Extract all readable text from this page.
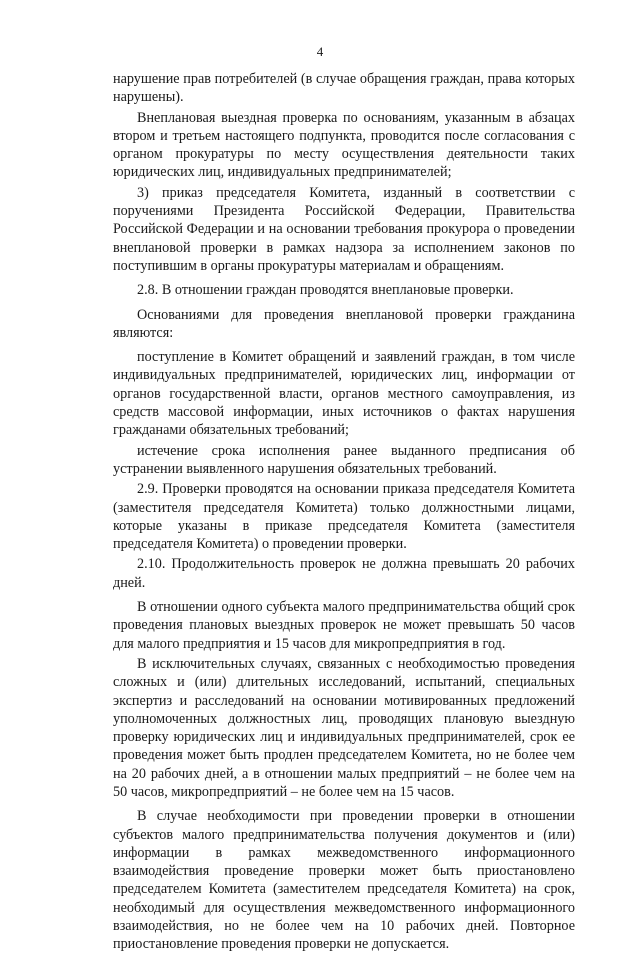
4

нарушение прав потребителей (в случае обращения граждан, права которых нарушены).

Внеплановая выездная проверка по основаниям, указанным в абзацах втором и третьем настоящего подпункта, проводится после согласования с органом прокуратуры по месту осуществления деятельности таких юридических лиц, индивидуальных предпринимателей;

3) приказ председателя Комитета, изданный в соответствии с поручениями Президента Российской Федерации, Правительства Российской Федерации и на основании требования прокурора о проведении внеплановой проверки в рамках надзора за исполнением законов по поступившим в органы прокуратуры материалам и обращениям.

2.8. В отношении граждан проводятся внеплановые проверки.

Основаниями для проведения внеплановой проверки гражданина являются:

поступление в Комитет обращений и заявлений граждан, в том числе индивидуальных предпринимателей, юридических лиц, информации от органов государственной власти, органов местного самоуправления, из средств массовой информации, иных источников о фактах нарушения гражданами обязательных требований;

истечение срока исполнения ранее выданного предписания об устранении выявленного нарушения обязательных требований.

2.9. Проверки проводятся на основании приказа председателя Комитета (заместителя председателя Комитета) только должностными лицами, которые указаны в приказе председателя Комитета (заместителя председателя Комитета) о проведении проверки.

2.10. Продолжительность проверок не должна превышать 20 рабочих дней.

В отношении одного субъекта малого предпринимательства общий срок проведения плановых выездных проверок не может превышать 50 часов для малого предприятия и 15 часов для микропредприятия в год.

В исключительных случаях, связанных с необходимостью проведения сложных и (или) длительных исследований, испытаний, специальных экспертиз и расследований на основании мотивированных предложений уполномоченных должностных лиц, проводящих плановую выездную проверку юридических лиц и индивидуальных предпринимателей, срок ее проведения может быть продлен председателем Комитета, но не более чем на 20 рабочих дней, а в отношении малых предприятий – не более чем на 50 часов, микропредприятий – не более чем на 15 часов.

В случае необходимости при проведении проверки в отношении субъектов малого предпринимательства получения документов и (или) информации в рамках межведомственного информационного взаимодействия проведение проверки может быть приостановлено председателем Комитета (заместителем председателя Комитета) на срок, необходимый для осуществления межведомственного информационного взаимодействия, но не более чем на 10 рабочих дней. Повторное приостановление проведения проверки не допускается.
